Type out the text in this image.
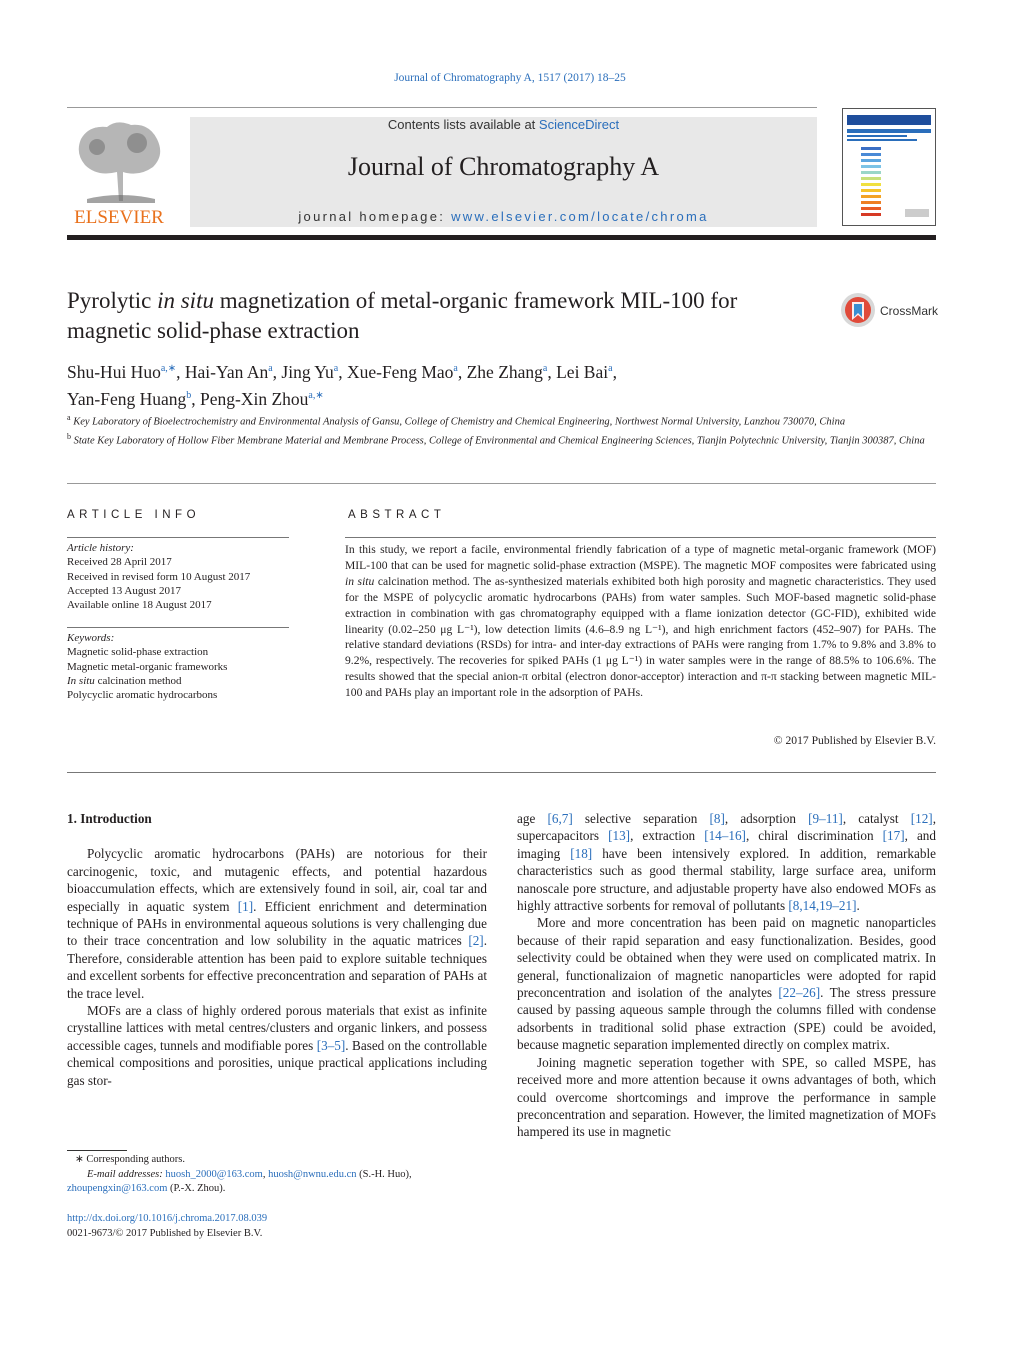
Journal of Chromatography A, 1517 (2017) 18–25
ELSEVIER
Contents lists available at ScienceDirect
Journal of Chromatography A
journal homepage: www.elsevier.com/locate/chroma
Pyrolytic in situ magnetization of metal-organic framework MIL-100 for magnetic solid-phase extraction
CrossMark
Shu-Hui Huo$^{a,∗}$, Hai-Yan An$^a$, Jing Yu$^a$, Xue-Feng Mao$^a$, Zhe Zhang$^a$, Lei Bai$^a$,
Yan-Feng Huang$^b$, Peng-Xin Zhou$^{a,∗}$
$^a$ Key Laboratory of Bioelectrochemistry and Environmental Analysis of Gansu, College of Chemistry and Chemical Engineering, Northwest Normal University, Lanzhou 730070, China
$^b$ State Key Laboratory of Hollow Fiber Membrane Material and Membrane Process, College of Environmental and Chemical Engineering Sciences, Tianjin Polytechnic University, Tianjin 300387, China
ARTICLE INFO	ABSTRACT
Article history:
Received 28 April 2017
Received in revised form 10 August 2017
Accepted 13 August 2017
Available online 18 August 2017
Keywords:
Magnetic solid-phase extraction
Magnetic metal-organic frameworks
In situ calcination method
Polycyclic aromatic hydrocarbons
In this study, we report a facile, environmental friendly fabrication of a type of magnetic metal-organic framework (MOF) MIL-100 that can be used for magnetic solid-phase extraction (MSPE). The magnetic MOF composites were fabricated using in situ calcination method. The as-synthesized materials exhibited both high porosity and magnetic characteristics. They used for the MSPE of polycyclic aromatic hydrocarbons (PAHs) from water samples. Such MOF-based magnetic solid-phase extraction in combination with gas chromatography equipped with a flame ionization detector (GC-FID), exhibited wide linearity (0.02–250 μg L⁻¹), low detection limits (4.6–8.9 ng L⁻¹), and high enrichment factors (452–907) for PAHs. The relative standard deviations (RSDs) for intra- and inter-day extractions of PAHs were ranging from 1.7% to 9.8% and 3.8% to 9.2%, respectively. The recoveries for spiked PAHs (1 μg L⁻¹) in water samples were in the range of 88.5% to 106.6%. The results showed that the special anion-π orbital (electron donor-acceptor) interaction and π-π stacking between magnetic MIL-100 and PAHs play an important role in the adsorption of PAHs.
© 2017 Published by Elsevier B.V.
1. Introduction

Polycyclic aromatic hydrocarbons (PAHs) are notorious for their carcinogenic, toxic, and mutagenic effects, and potential hazardous bioaccumulation effects, which are extensively found in soil, air, coal tar and especially in aquatic system [1]. Efficient enrichment and determination technique of PAHs in environmental aqueous solutions is very challenging due to their trace concentration and low solubility in the aquatic matrices [2]. Therefore, considerable attention has been paid to explore suitable techniques and excellent sorbents for effective preconcentration and separation of PAHs at the trace level.

MOFs are a class of highly ordered porous materials that exist as infinite crystalline lattices with metal centres/clusters and organic linkers, and possess accessible cages, tunnels and modifiable pores [3–5]. Based on the controllable chemical compositions and porosities, unique practical applications including gas stor-

age [6,7] selective separation [8], adsorption [9–11], catalyst [12], supercapacitors [13], extraction [14–16], chiral discrimination [17], and imaging [18] have been intensively explored. In addition, remarkable characteristics such as good thermal stability, large surface area, uniform nanoscale pore structure, and adjustable property have also endowed MOFs as highly attractive sorbents for removal of pollutants [8,14,19–21].

More and more concentration has been paid on magnetic nanoparticles because of their rapid separation and easy functionalization. Besides, good selectivity could be obtained when they were used on complicated matrix. In general, functionalizaion of magnetic nanoparticles were adopted for rapid preconcentration and isolation of the analytes [22–26]. The stress pressure caused by passing aqueous sample through the columns filled with condense adsorbents in traditional solid phase extraction (SPE) could be avoided, because magnetic separation implemented directly on complex matrix.

Joining magnetic seperation together with SPE, so called MSPE, has received more and more attention because it owns advantages of both, which could overcome shortcomings and improve the performance in sample preconcentration and separation. However, the limited magnetization of MOFs hampered its use in magnetic

∗ Corresponding authors.
E-mail addresses: huosh_2000@163.com, huosh@nwnu.edu.cn (S.-H. Huo),
zhoupengxin@163.com (P.-X. Zhou).
http://dx.doi.org/10.1016/j.chroma.2017.08.039
0021-9673/© 2017 Published by Elsevier B.V.
